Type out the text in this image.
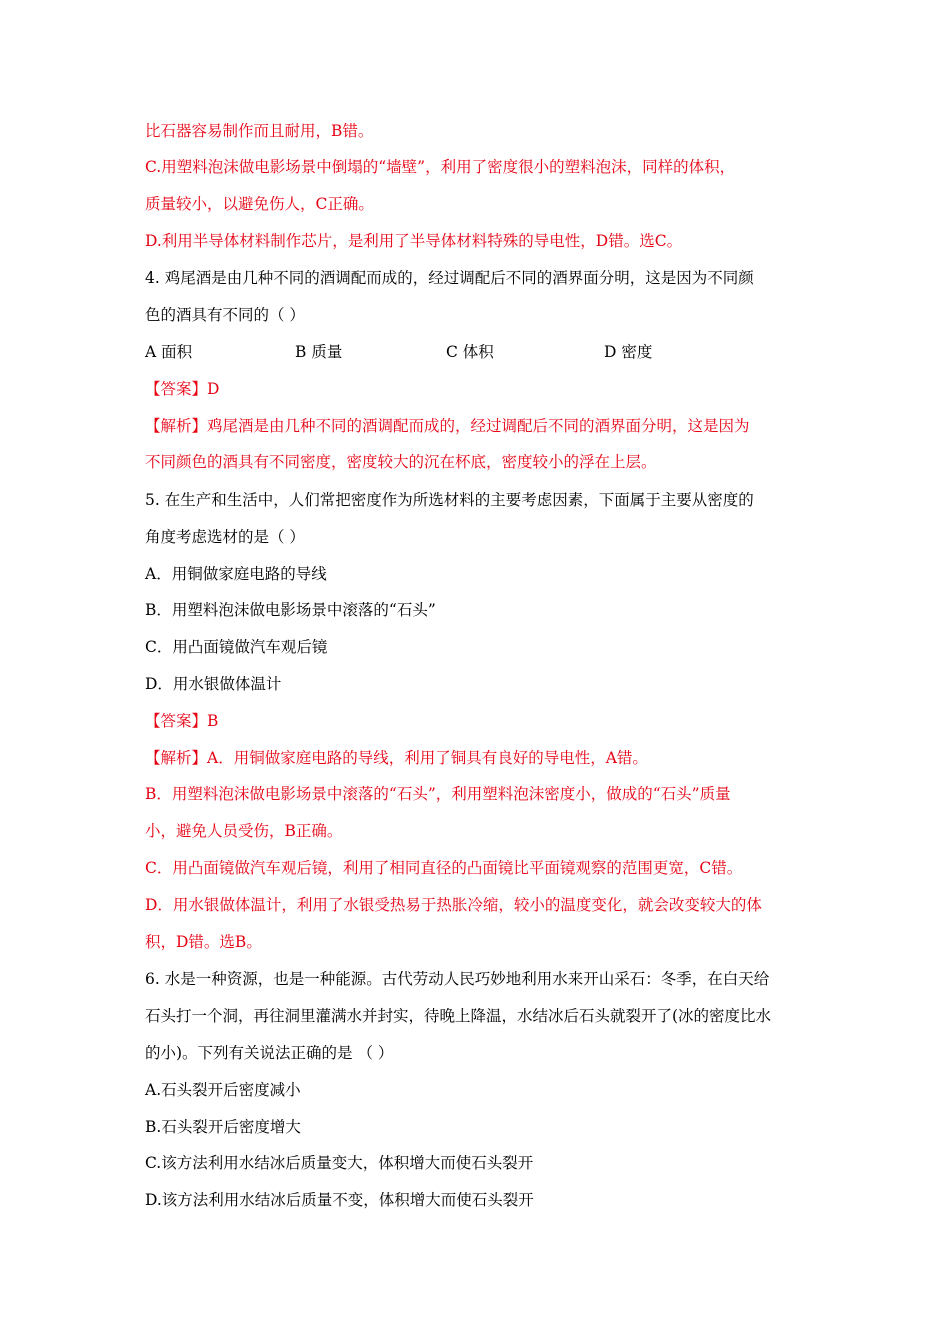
比石器容易制作而且耐用，B错。
C.用塑料泡沫做电影场景中倒塌的“墙壁”，利用了密度很小的塑料泡沫，同样的体积，
质量较小，以避免伤人，C正确。
D.利用半导体材料制作芯片，是利用了半导体材料特殊的导电性，D错。选C。
4. 鸡尾酒是由几种不同的酒调配而成的，经过调配后不同的酒界面分明，这是因为不同颜
色的酒具有不同的（ ）
A 面积	B 质量	C 体积	D 密度
【答案】D
【解析】鸡尾酒是由几种不同的酒调配而成的，经过调配后不同的酒界面分明，这是因为
不同颜色的酒具有不同密度，密度较大的沉在杯底，密度较小的浮在上层。
5. 在生产和生活中，人们常把密度作为所选材料的主要考虑因素，下面属于主要从密度的
角度考虑选材的是（ ）
A．用铜做家庭电路的导线
B．用塑料泡沫做电影场景中滚落的“石头”
C．用凸面镜做汽车观后镜
D．用水银做体温计
【答案】B
【解析】A．用铜做家庭电路的导线，利用了铜具有良好的导电性，A错。
B．用塑料泡沫做电影场景中滚落的“石头”，利用塑料泡沫密度小，做成的“石头”质量
小，避免人员受伤，B正确。
C．用凸面镜做汽车观后镜，利用了相同直径的凸面镜比平面镜观察的范围更宽，C错。
D．用水银做体温计，利用了水银受热易于热胀冷缩，较小的温度变化，就会改变较大的体
积，D错。选B。
6. 水是一种资源，也是一种能源。古代劳动人民巧妙地利用水来开山采石：冬季，在白天给
石头打一个洞，再往洞里灌满水并封实，待晚上降温，水结冰后石头就裂开了(冰的密度比水
的小)。下列有关说法正确的是 （ ）
A.石头裂开后密度减小
B.石头裂开后密度增大
C.该方法利用水结冰后质量变大，体积增大而使石头裂开
D.该方法利用水结冰后质量不变，体积增大而使石头裂开
